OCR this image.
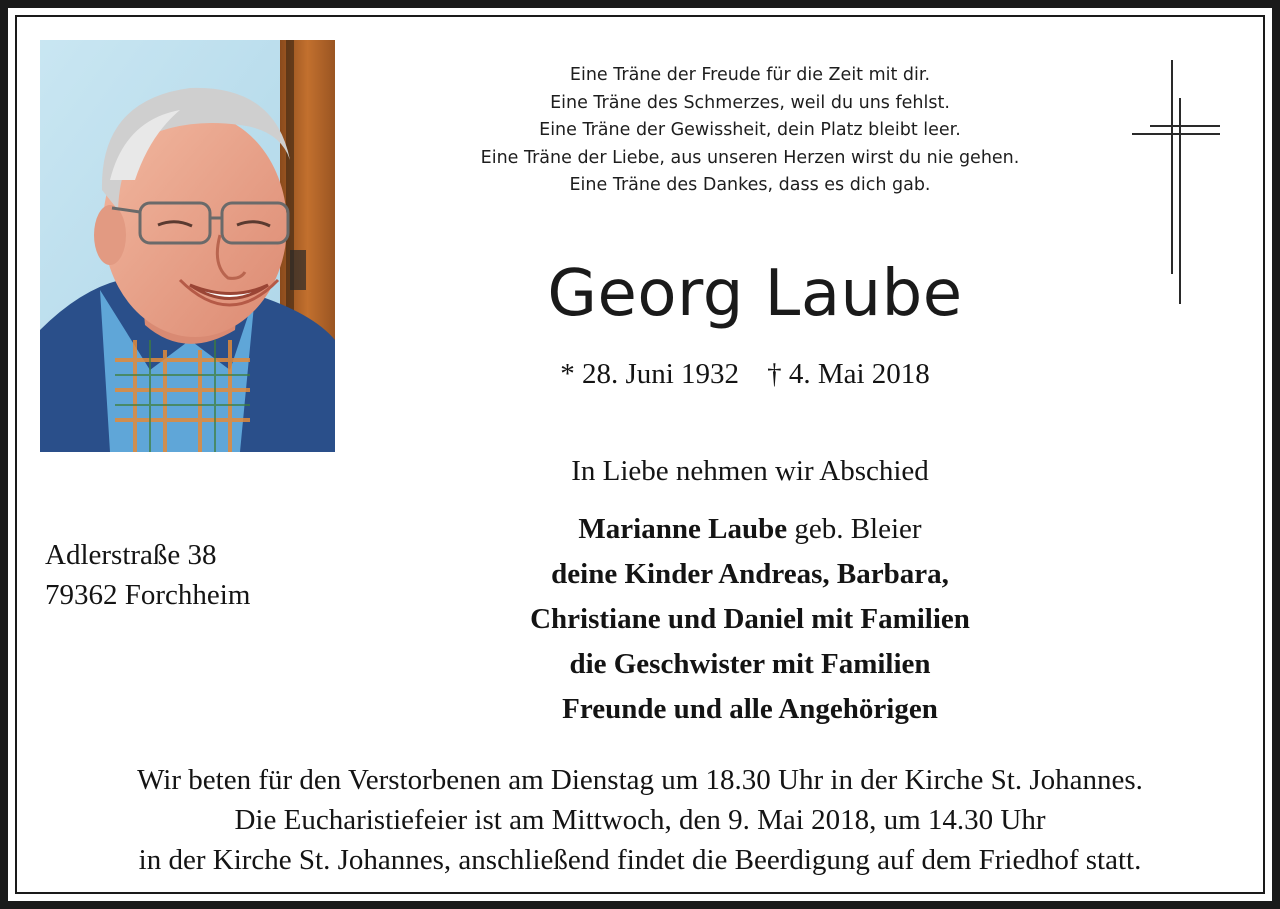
Eine Träne der Freude für die Zeit mit dir.
Eine Träne des Schmerzes, weil du uns fehlst.
Eine Träne der Gewissheit, dein Platz bleibt leer.
Eine Träne der Liebe, aus unseren Herzen wirst du nie gehen.
Eine Träne des Dankes, dass es dich gab.
Georg Laube
* 28. Juni 1932 † 4. Mai 2018
In Liebe nehmen wir Abschied
Marianne Laube geb. Bleier
deine Kinder Andreas, Barbara,
Christiane und Daniel mit Familien
die Geschwister mit Familien
Freunde und alle Angehörigen
Adlerstraße 38
79362 Forchheim
Wir beten für den Verstorbenen am Dienstag um 18.30 Uhr in der Kirche St. Johannes.
Die Eucharistiefeier ist am Mittwoch, den 9. Mai 2018, um 14.30 Uhr
in der Kirche St. Johannes, anschließend findet die Beerdigung auf dem Friedhof statt.
